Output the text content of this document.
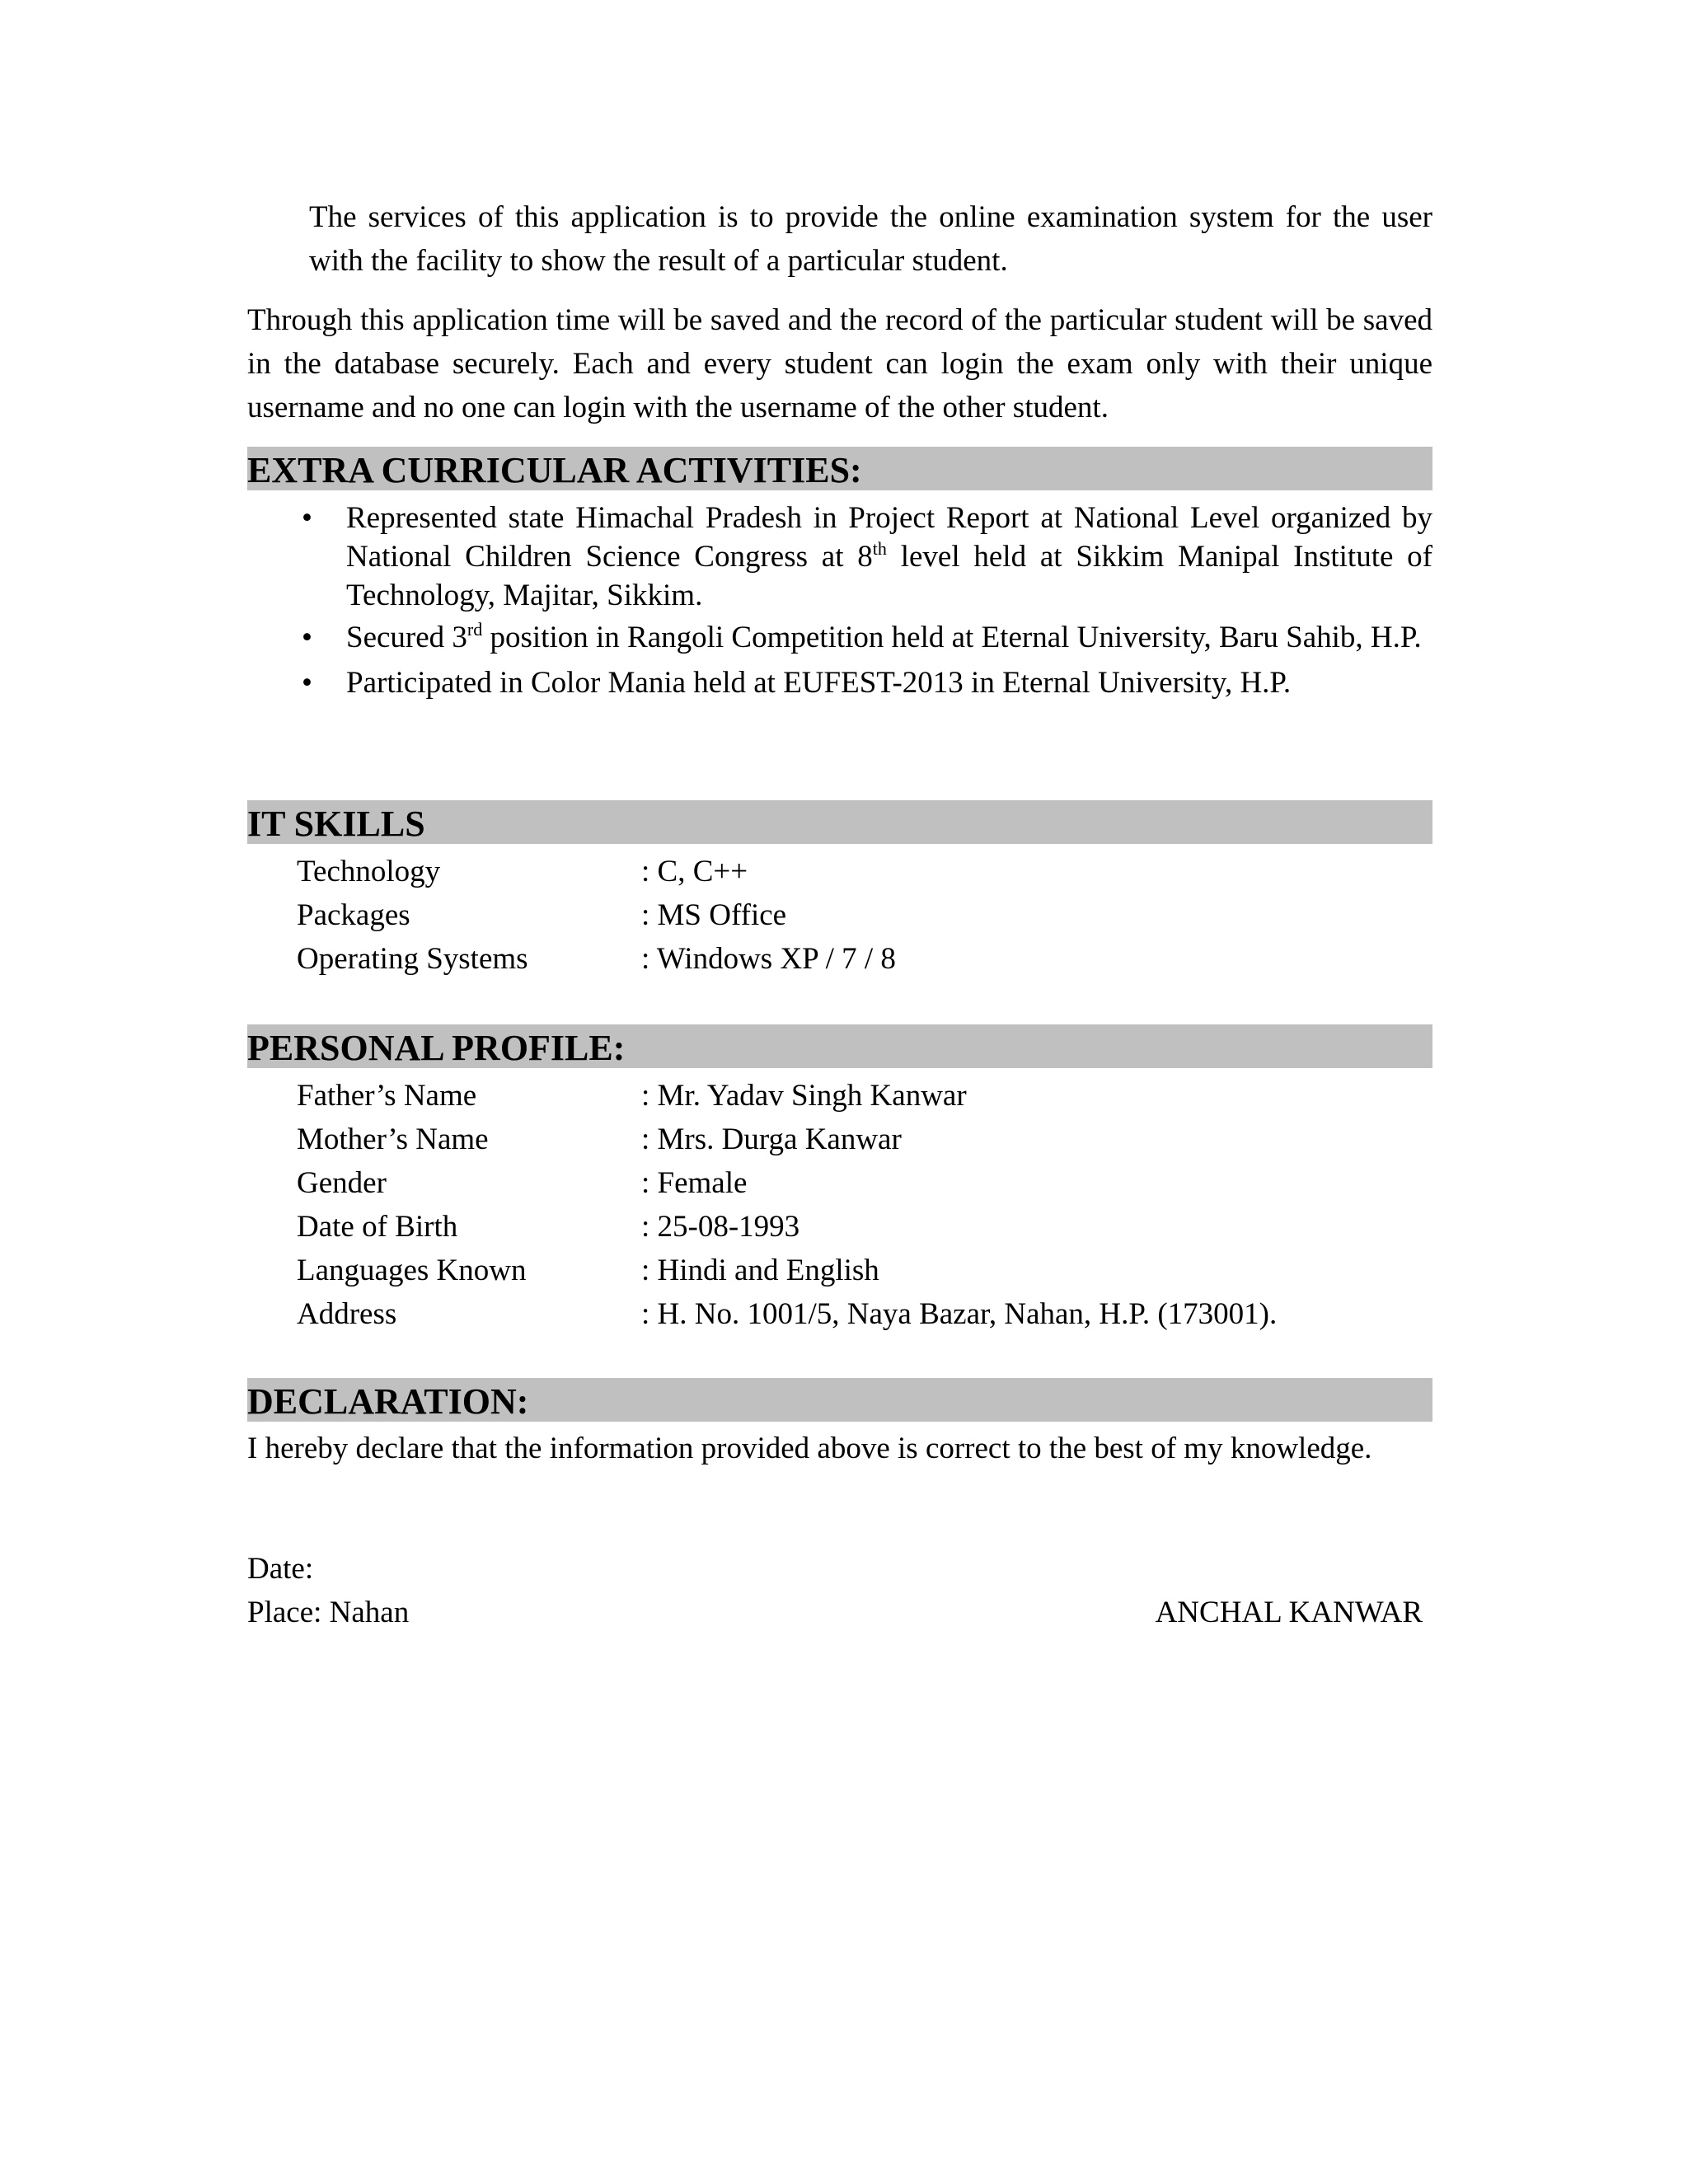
The services of this application is to provide the online examination system for the user with the facility to show the result of a particular student.
Through this application time will be saved and the record of the particular student will be saved in the database securely. Each and every student can login the exam only with their unique username and no one can login with the username of the other student.
EXTRA CURRICULAR ACTIVITIES:
• Represented state Himachal Pradesh in Project Report at National Level organized by National Children Science Congress at 8th level held at Sikkim Manipal Institute of Technology, Majitar, Sikkim.
• Secured 3rd position in Rangoli Competition held at Eternal University, Baru Sahib, H.P.
• Participated in Color Mania held at EUFEST-2013 in Eternal University, H.P.
IT SKILLS
Technology	: C, C++
Packages	: MS Office
Operating Systems	: Windows XP / 7 / 8
PERSONAL PROFILE:
Father’s Name	: Mr. Yadav Singh Kanwar
Mother’s Name	: Mrs. Durga Kanwar
Gender	: Female
Date of Birth	: 25-08-1993
Languages Known	: Hindi and English
Address	: H. No. 1001/5, Naya Bazar, Nahan, H.P. (173001).
DECLARATION:
I hereby declare that the information provided above is correct to the best of my knowledge.
Date:
Place: Nahan	ANCHAL KANWAR
